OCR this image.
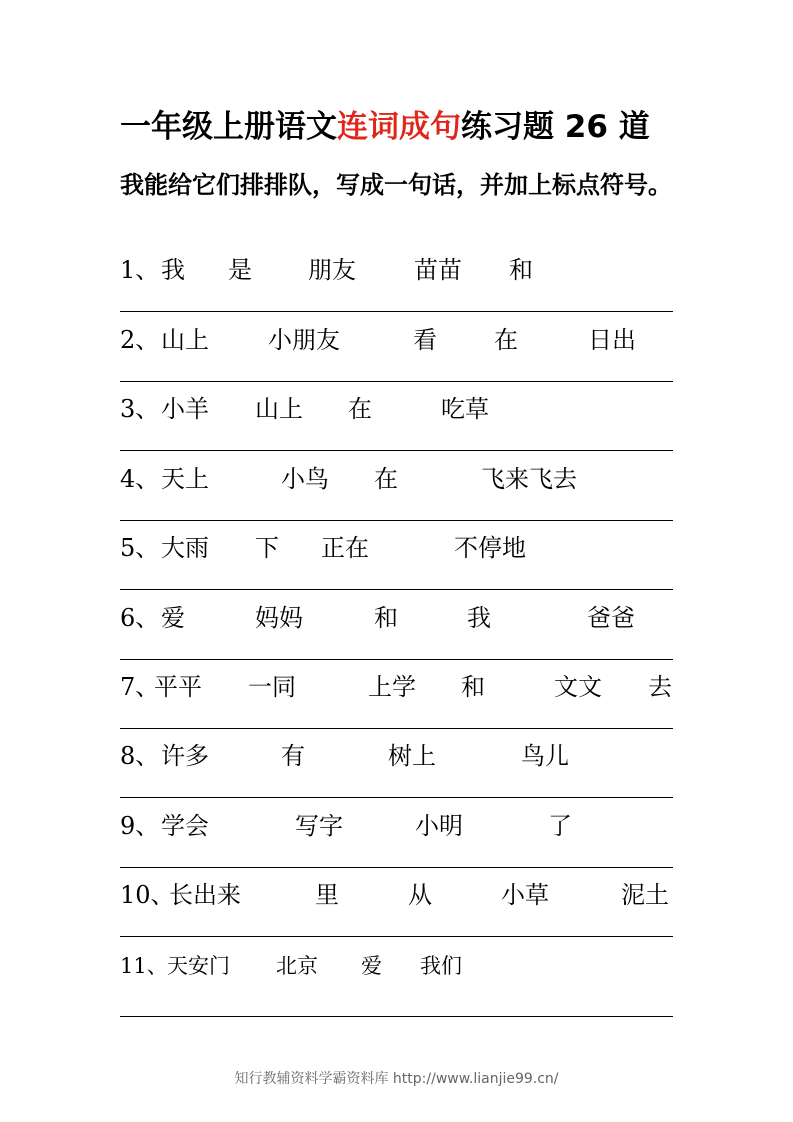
一年级上册语文连词成句练习题 26 道
我能给它们排排队，写成一句话，并加上标点符号。
1、 我 是 朋友 苗苗 和
2、 山上 小朋友	看 在	日出
3、 小羊 山上 在	吃草
4、 天上	小鸟 在	飞来飞去
5、 大雨 下 正在	不停地
6、 爱	妈妈	和	我	爸爸
7、
平平 一同	上学 和	文文 去
8、 许多	有	树上	鸟儿
9、 学会	写字	小明	了
10、
长出来	里	从	小草	泥土
11、 天安门 北京 爱 我们
知行教辅资料学霸资料库 http://www.lianjie99.cn/
